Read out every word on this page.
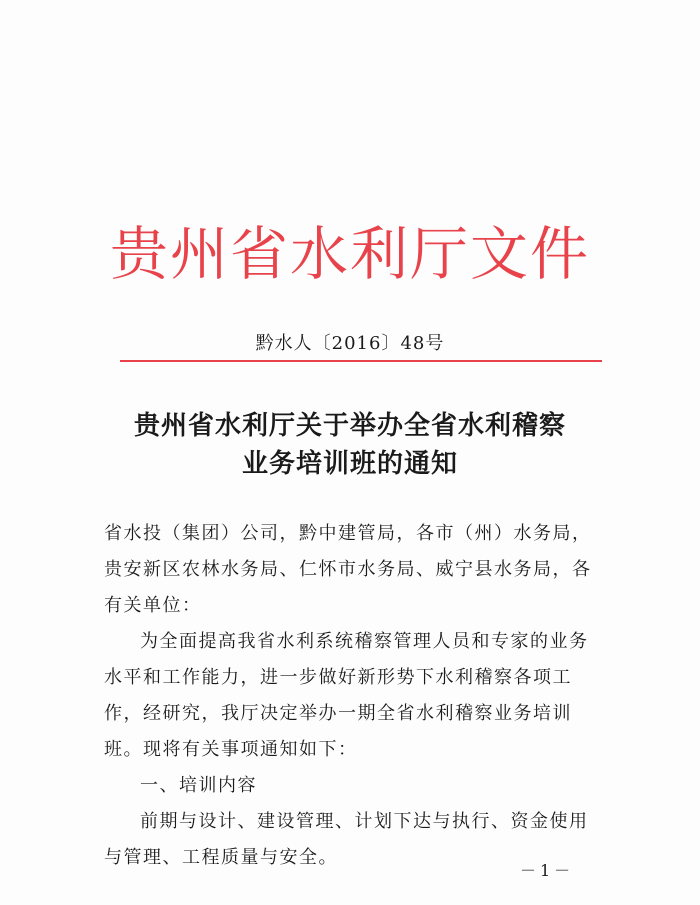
贵州省水利厅文件
黔水人〔2016〕48号
贵州省水利厅关于举办全省水利稽察
业务培训班的通知

省水投（集团）公司，黔中建管局，各市（州）水务局，贵安新区农林水务局、仁怀市水务局、威宁县水务局，各有关单位：

为全面提高我省水利系统稽察管理人员和专家的业务水平和工作能力，进一步做好新形势下水利稽察各项工作，经研究，我厅决定举办一期全省水利稽察业务培训班。现将有关事项通知如下：

一、培训内容

前期与设计、建设管理、计划下达与执行、资金使用与管理、工程质量与安全。

－1－
